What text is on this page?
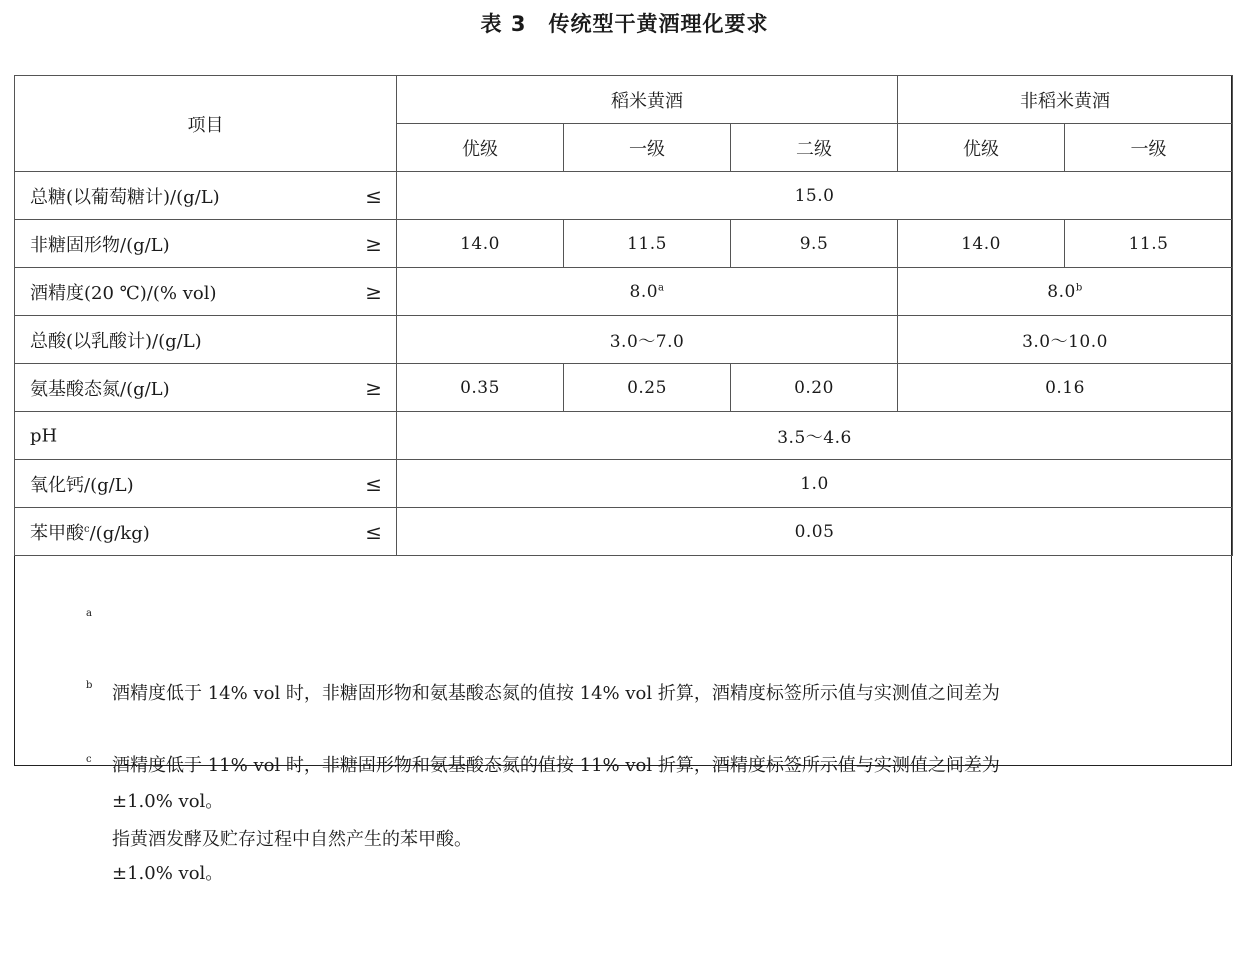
表 3　传统型干黄酒理化要求
项目	稻米黄酒			非稻米黄酒	
	优级	一级	二级	优级	一级

总糖(以葡萄糖计)/(g/L) ≤	15.0				

非糖固形物/(g/L) ≥	14.0	11.5	9.5	14.0	11.5

酒精度(20 ℃)/(% vol) ≥	8.0$^a$			8.0$^b$

总酸(以乳酸计)/(g/L)	3.0～7.0			3.0～10.0	

氨基酸态氮/(g/L) ≥	0.35	0.25	0.20	0.16	

pH	3.5～4.6				

氧化钙/(g/L) ≤	1.0				

苯甲酸$^c$/(g/kg) ≤	0.05				

a

酒精度低于 14% vol 时，非糖固形物和氨基酸态氮的值按 14% vol 折算，酒精度标签所示值与实测值之间差为

±1.0% vol。

b

酒精度低于 11% vol 时，非糖固形物和氨基酸态氮的值按 11% vol 折算，酒精度标签所示值与实测值之间差为

±1.0% vol。

c

指黄酒发酵及贮存过程中自然产生的苯甲酸。
